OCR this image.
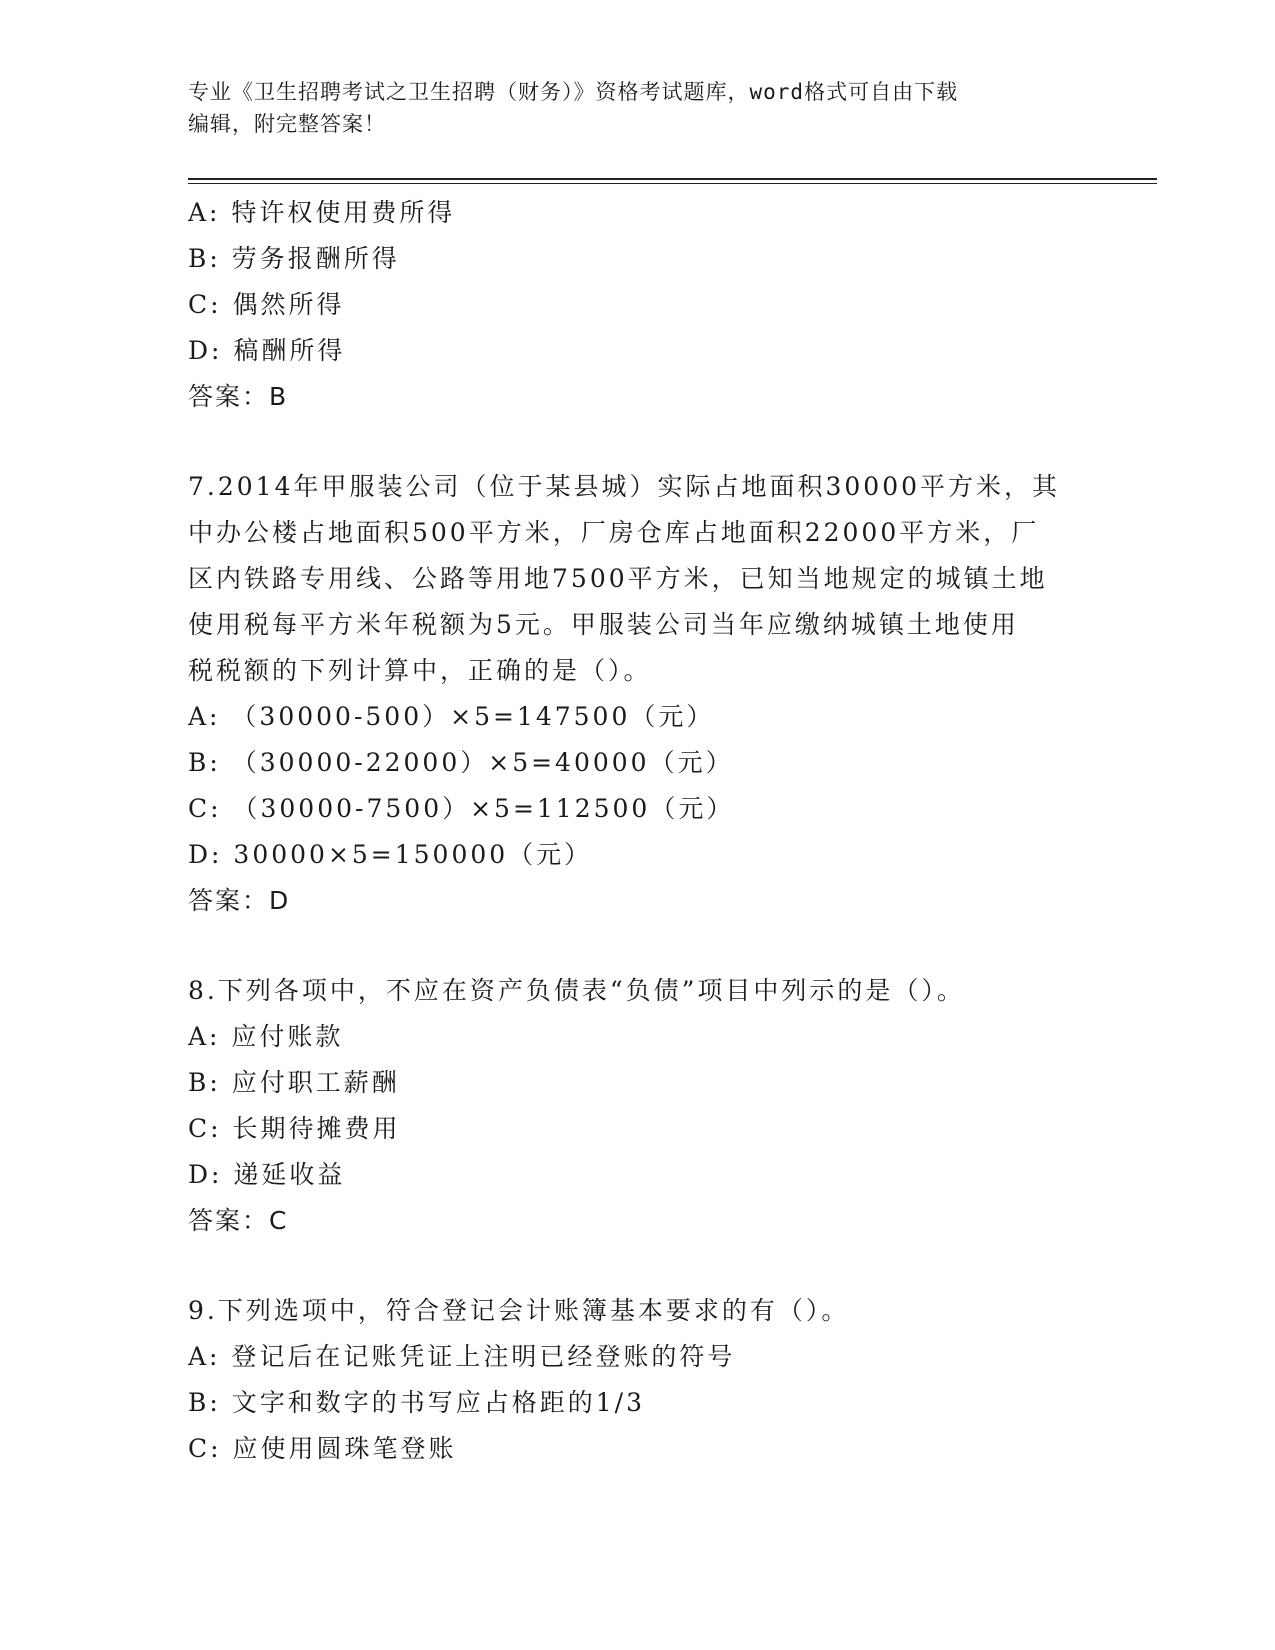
专业《卫生招聘考试之卫生招聘（财务）》资格考试题库，word格式可自由下载
编辑，附完整答案！
A: 特许权使用费所得
B: 劳务报酬所得
C: 偶然所得
D: 稿酬所得
答案：B
7.2014年甲服装公司（位于某县城）实际占地面积30000平方米，其
中办公楼占地面积500平方米，厂房仓库占地面积22000平方米，厂
区内铁路专用线、公路等用地7500平方米，已知当地规定的城镇土地
使用税每平方米年税额为5元。甲服装公司当年应缴纳城镇土地使用
税税额的下列计算中，正确的是（）。
A: （30000-500）×5=147500（元）
B: （30000-22000）×5=40000（元）
C: （30000-7500）×5=112500（元）
D: 30000×5=150000（元）
答案：D
8.下列各项中，不应在资产负债表“负债”项目中列示的是（）。
A: 应付账款
B: 应付职工薪酬
C: 长期待摊费用
D: 递延收益
答案：C
9.下列选项中，符合登记会计账簿基本要求的有（）。
A: 登记后在记账凭证上注明已经登账的符号
B: 文字和数字的书写应占格距的1/3
C: 应使用圆珠笔登账
